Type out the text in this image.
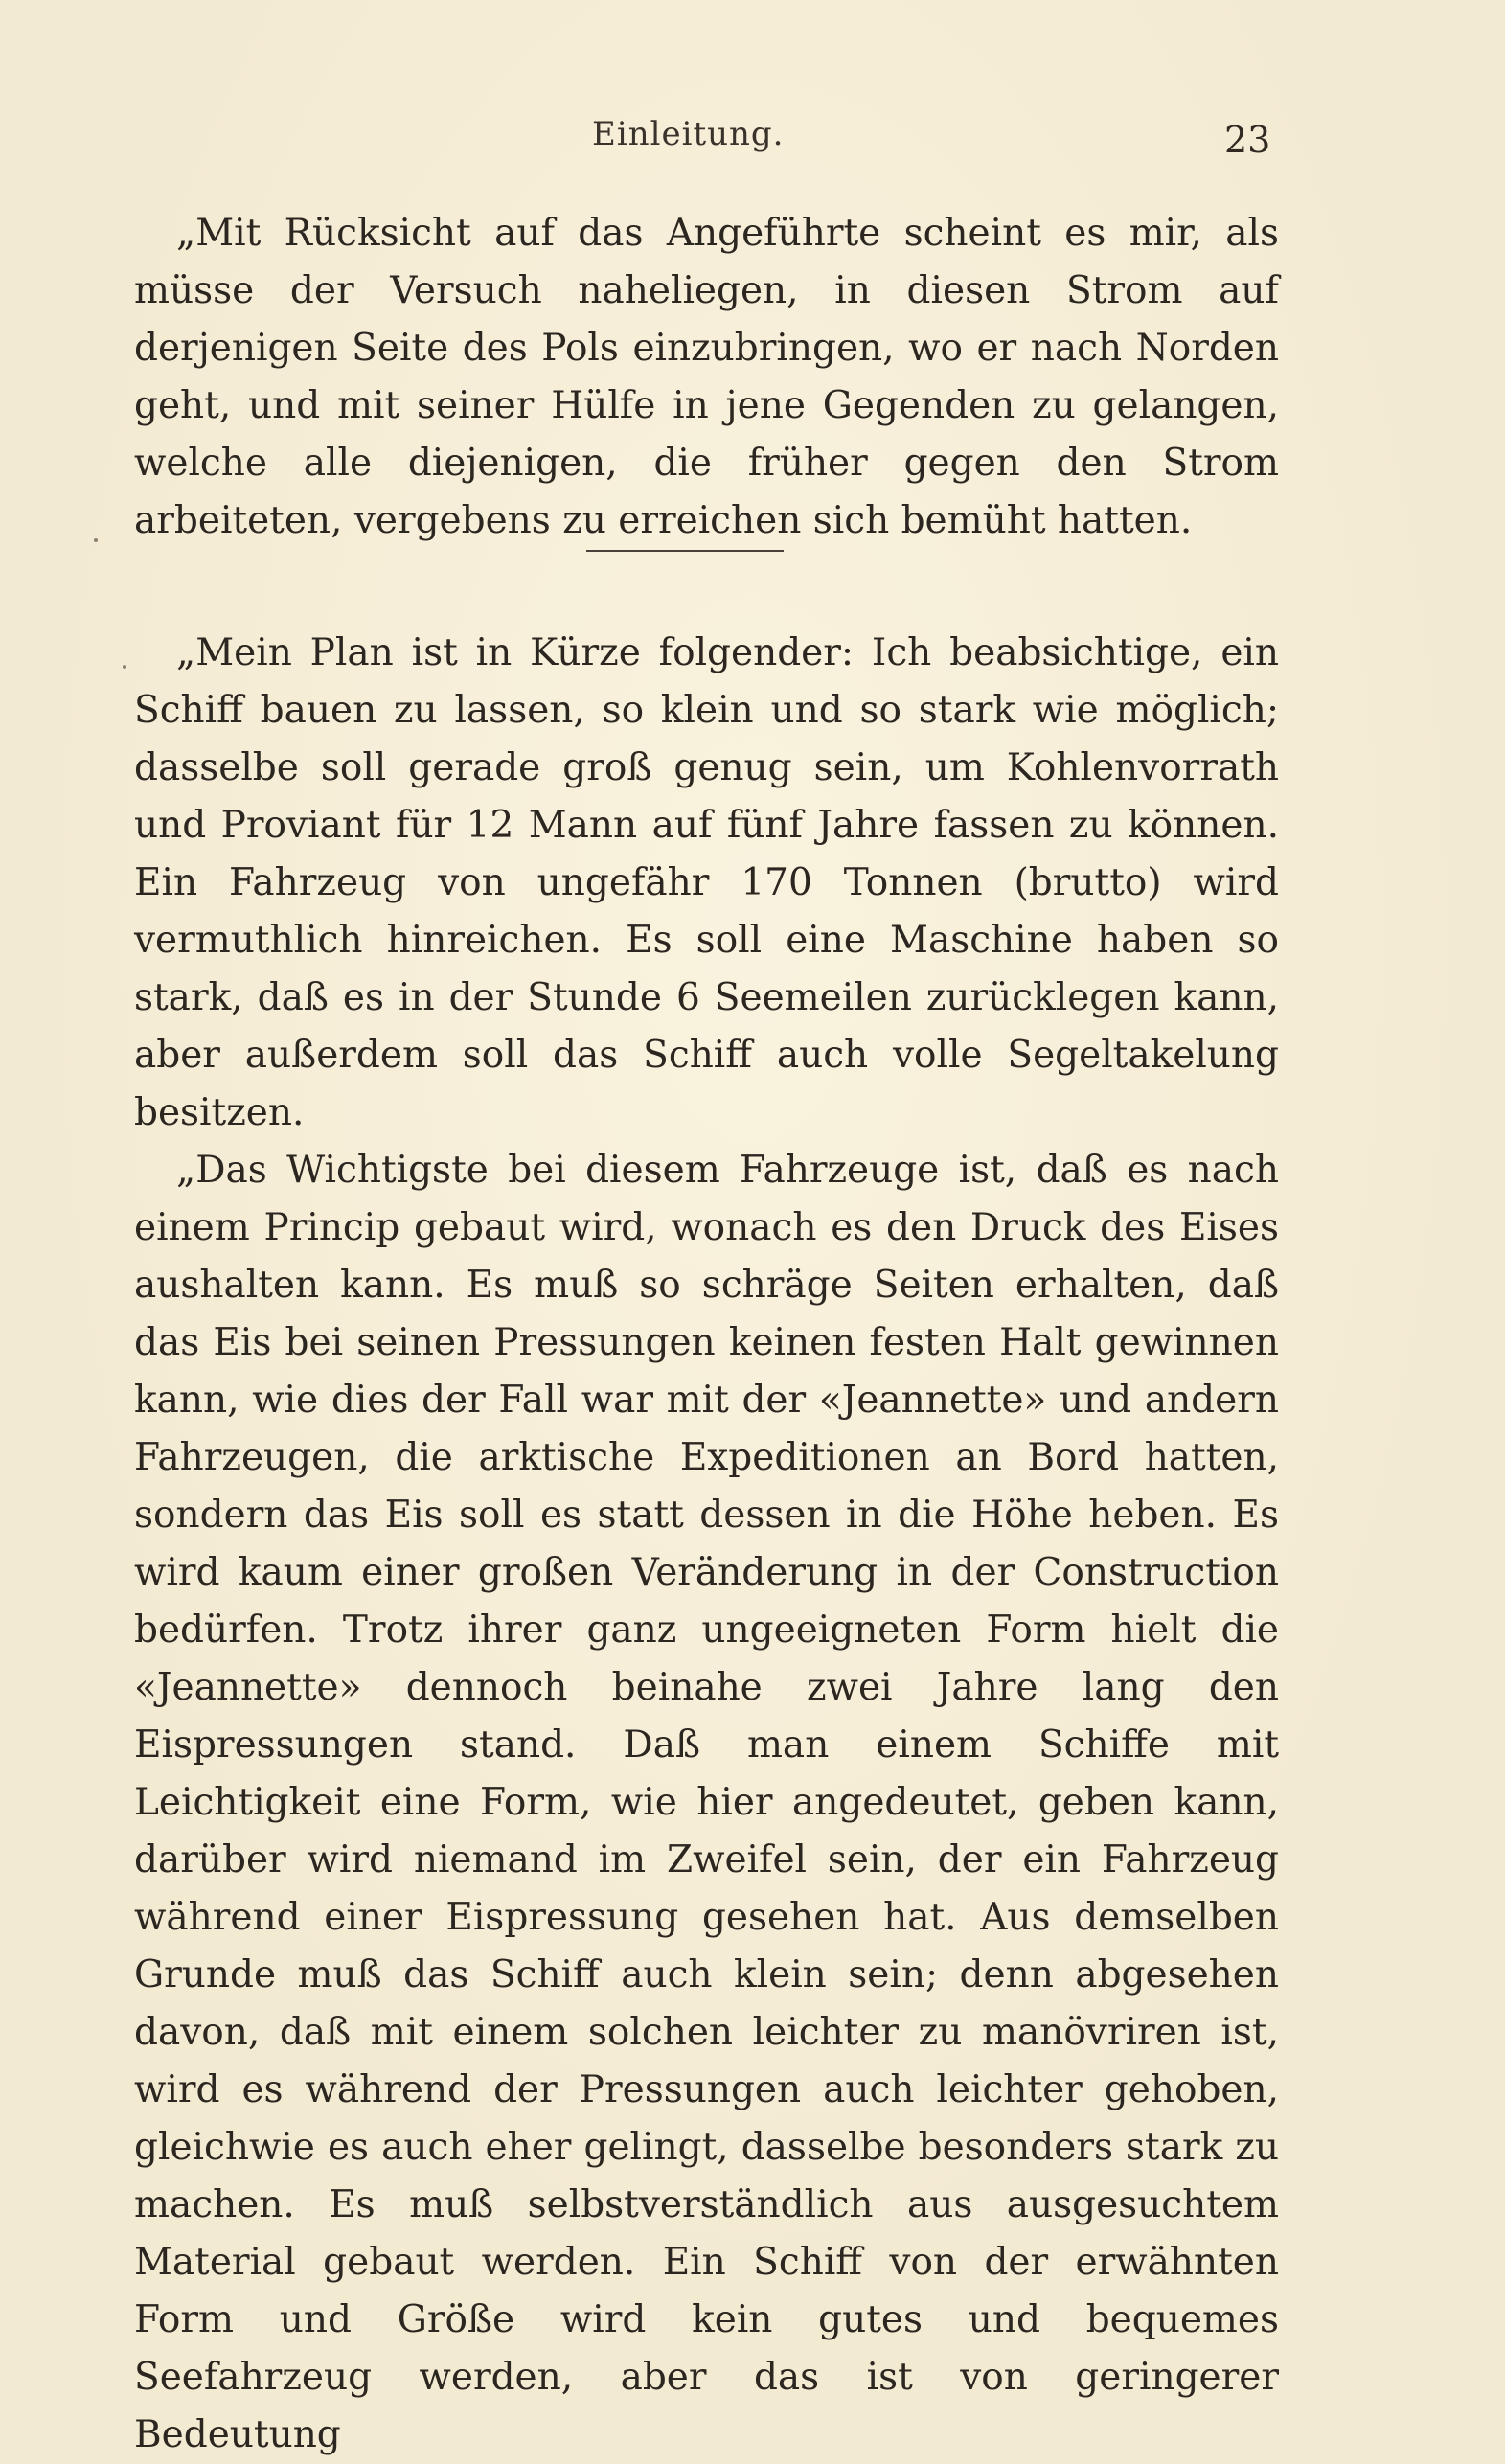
Einleitung.	23

„Mit Rücksicht auf das Angeführte scheint es mir, als müsse der Versuch naheliegen, in diesen Strom auf derjenigen Seite des Pols einzubringen, wo er nach Norden geht, und mit seiner Hülfe in jene Gegenden zu gelangen, welche alle diejenigen, die früher gegen den Strom arbeiteten, vergebens zu erreichen sich bemüht hatten.

„Mein Plan ist in Kürze folgender: Ich beabsichtige, ein Schiff bauen zu lassen, so klein und so stark wie möglich; dasselbe soll gerade groß genug sein, um Kohlenvorrath und Proviant für 12 Mann auf fünf Jahre fassen zu können. Ein Fahrzeug von ungefähr 170 Tonnen (brutto) wird vermuthlich hinreichen. Es soll eine Maschine haben so stark, daß es in der Stunde 6 Seemeilen zurücklegen kann, aber außerdem soll das Schiff auch volle Segeltakelung besitzen.

„Das Wichtigste bei diesem Fahrzeuge ist, daß es nach einem Princip gebaut wird, wonach es den Druck des Eises aushalten kann. Es muß so schräge Seiten erhalten, daß das Eis bei seinen Pressungen keinen festen Halt gewinnen kann, wie dies der Fall war mit der «Jeannette» und andern Fahrzeugen, die arktische Expeditionen an Bord hatten, sondern das Eis soll es statt dessen in die Höhe heben. Es wird kaum einer großen Veränderung in der Construction bedürfen. Trotz ihrer ganz ungeeigneten Form hielt die «Jeannette» dennoch beinahe zwei Jahre lang den Eispressungen stand. Daß man einem Schiffe mit Leichtigkeit eine Form, wie hier angedeutet, geben kann, darüber wird niemand im Zweifel sein, der ein Fahrzeug während einer Eispressung gesehen hat. Aus demselben Grunde muß das Schiff auch klein sein; denn abgesehen davon, daß mit einem solchen leichter zu manövriren ist, wird es während der Pressungen auch leichter gehoben, gleichwie es auch eher gelingt, dasselbe besonders stark zu machen. Es muß selbstverständlich aus ausgesuchtem Material gebaut werden. Ein Schiff von der erwähnten Form und Größe wird kein gutes und bequemes Seefahrzeug werden, aber das ist von geringerer Bedeutung
